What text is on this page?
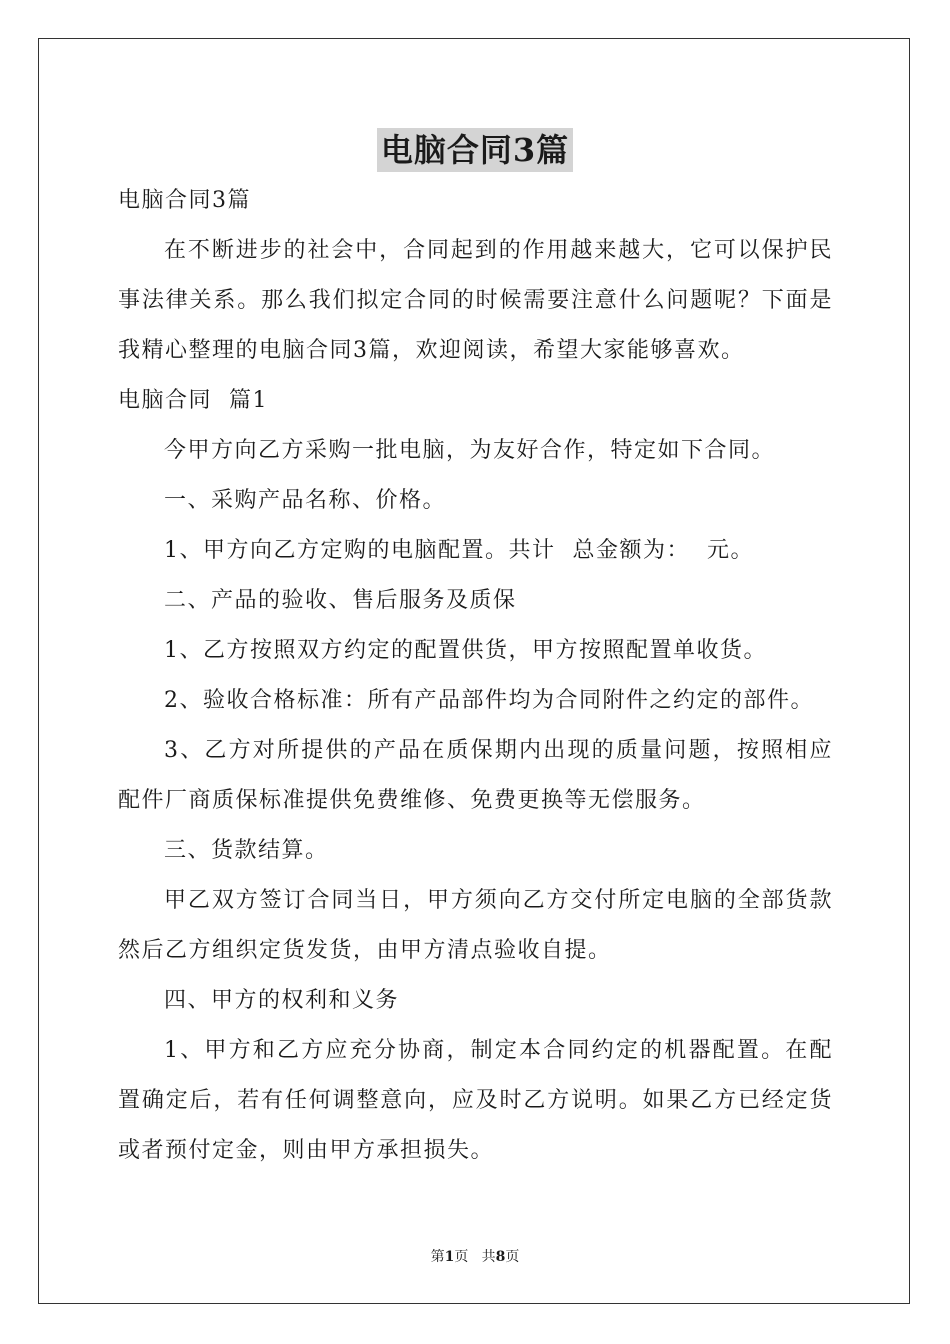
电脑合同3篇

电脑合同3篇

在不断进步的社会中，合同起到的作用越来越大，它可以保护民事法律关系。那么我们拟定合同的时候需要注意什么问题呢？下面是我精心整理的电脑合同3篇，欢迎阅读，希望大家能够喜欢。

电脑合同  篇1

今甲方向乙方采购一批电脑，为友好合作，特定如下合同。

一、采购产品名称、价格。

1、甲方向乙方定购的电脑配置。共计  总金额为：  元。

二、产品的验收、售后服务及质保

1、乙方按照双方约定的配置供货，甲方按照配置单收货。

2、验收合格标准：所有产品部件均为合同附件之约定的部件。

3、乙方对所提供的产品在质保期内出现的质量问题，按照相应配件厂商质保标准提供免费维修、免费更换等无偿服务。

三、货款结算。

甲乙双方签订合同当日，甲方须向乙方交付所定电脑的全部货款然后乙方组织定货发货，由甲方清点验收自提。

四、甲方的权利和义务

1、甲方和乙方应充分协商，制定本合同约定的机器配置。在配置确定后，若有任何调整意向，应及时乙方说明。如果乙方已经定货或者预付定金，则由甲方承担损失。

第1页   共8页
